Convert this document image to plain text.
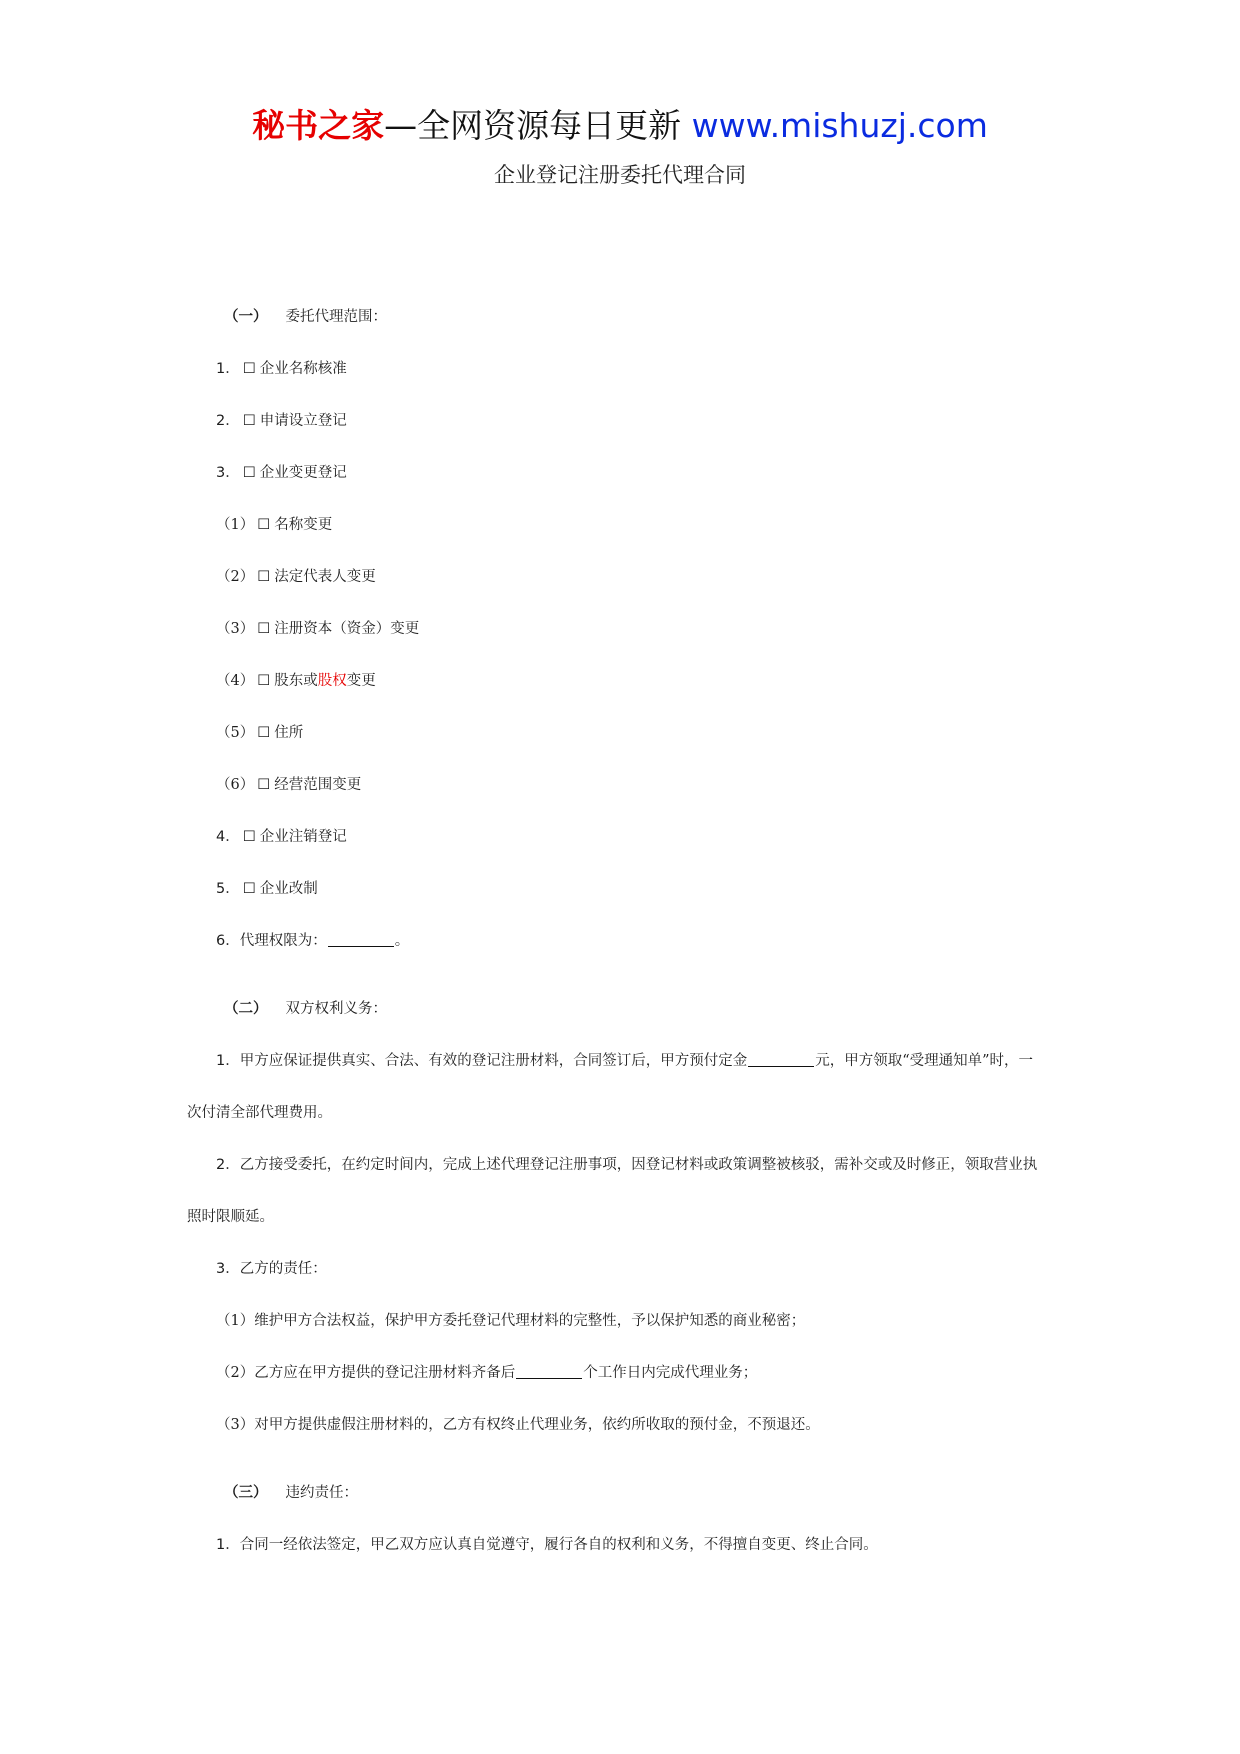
秘书之家—全网资源每日更新 www.mishuzj.com
企业登记注册委托代理合同
（一） 委托代理范围：
1． ☐ 企业名称核准
2． ☐ 申请设立登记
3． ☐ 企业变更登记
（1） ☐ 名称变更
（2） ☐ 法定代表人变更
（3） ☐ 注册资本（资金）变更
（4） ☐ 股东或股权变更
（5） ☐ 住所
（6） ☐ 经营范围变更
4． ☐ 企业注销登记
5． ☐ 企业改制
6．代理权限为：	。
（二） 双方权利义务：
1．甲方应保证提供真实、合法、有效的登记注册材料，合同签订后，甲方预付定金	元，甲方领取“受理通知单”时，一
次付清全部代理费用。
2．乙方接受委托，在约定时间内，完成上述代理登记注册事项，因登记材料或政策调整被核驳，需补交或及时修正，领取营业执
照时限顺延。
3．乙方的责任：
（1）维护甲方合法权益，保护甲方委托登记代理材料的完整性，予以保护知悉的商业秘密；
（2）乙方应在甲方提供的登记注册材料齐备后	个工作日内完成代理业务；
（3）对甲方提供虚假注册材料的，乙方有权终止代理业务，依约所收取的预付金，不预退还。
（三） 违约责任：
1．合同一经依法签定，甲乙双方应认真自觉遵守，履行各自的权利和义务，不得擅自变更、终止合同。
